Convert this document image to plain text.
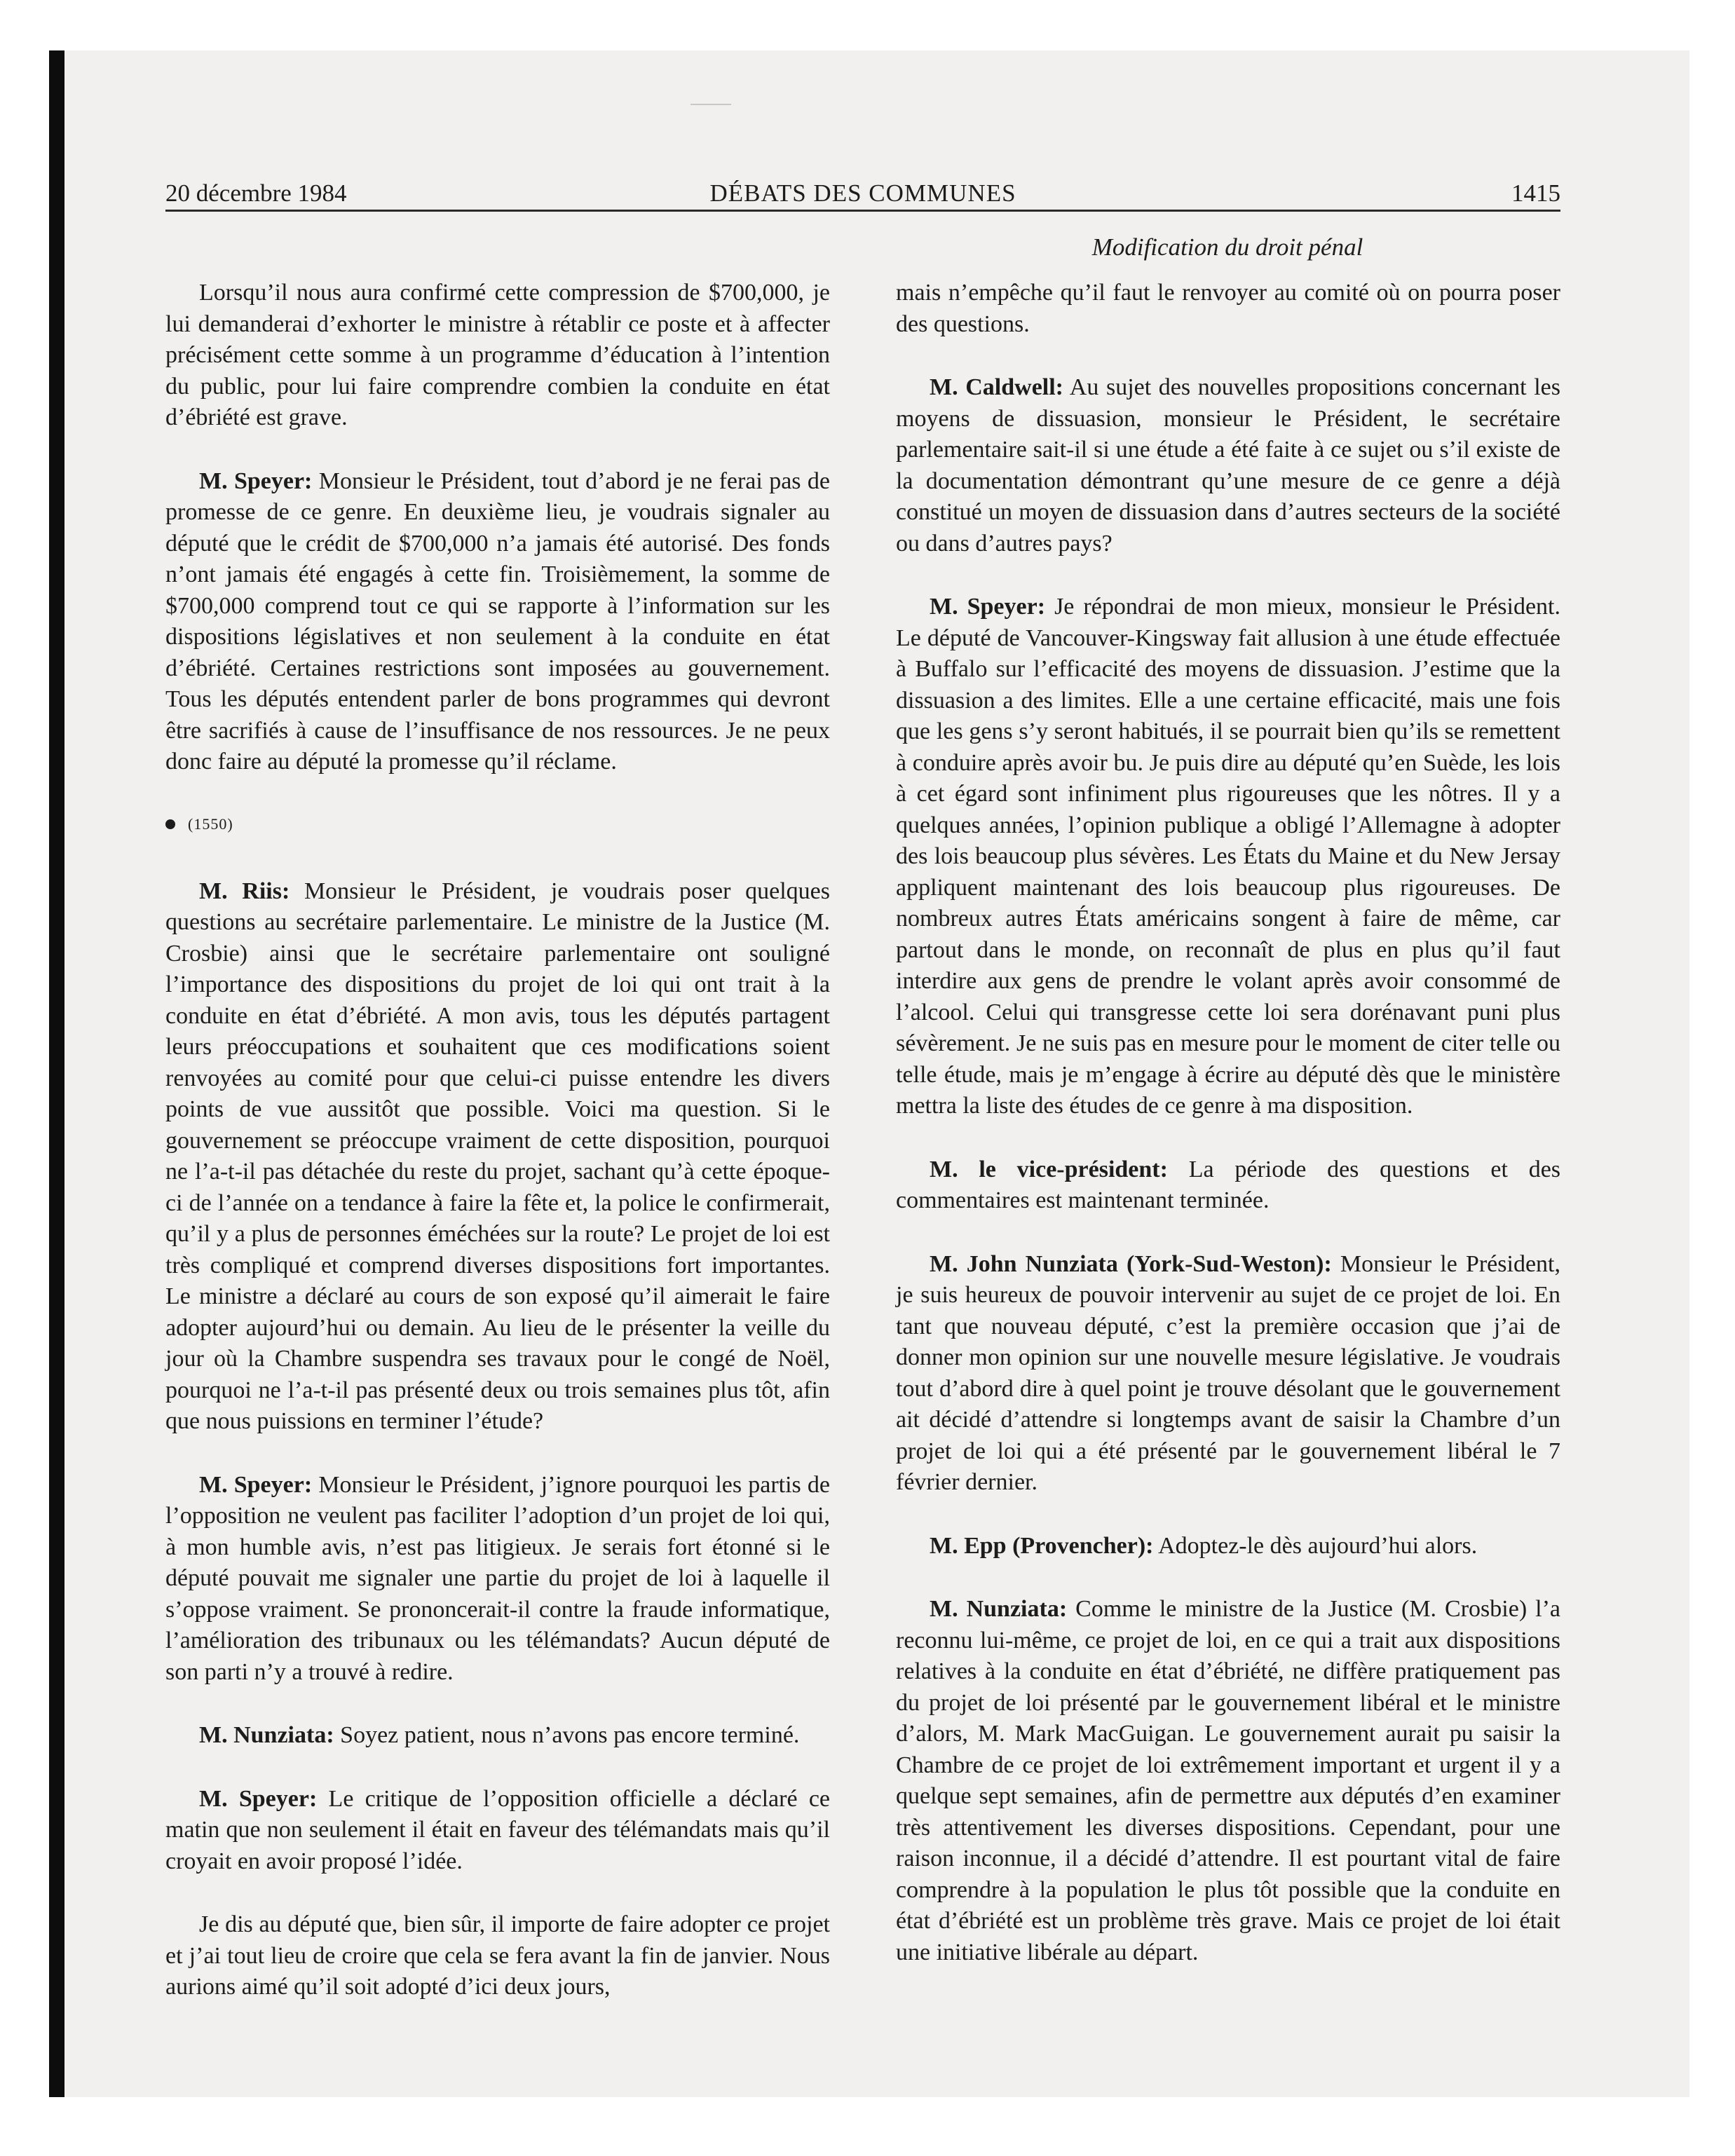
20 décembre 1984	DÉBATS DES COMMUNES	1415
Modification du droit pénal

Lorsqu’il nous aura confirmé cette compression de $700,000, je lui demanderai d’exhorter le ministre à rétablir ce poste et à affecter précisément cette somme à un programme d’éducation à l’intention du public, pour lui faire comprendre combien la conduite en état d’ébriété est grave.

M. Speyer: Monsieur le Président, tout d’abord je ne ferai pas de promesse de ce genre. En deuxième lieu, je voudrais signaler au député que le crédit de $700,000 n’a jamais été autorisé. Des fonds n’ont jamais été engagés à cette fin. Troisièmement, la somme de $700,000 comprend tout ce qui se rapporte à l’information sur les dispositions législatives et non seulement à la conduite en état d’ébriété. Certaines restrictions sont imposées au gouvernement. Tous les députés entendent parler de bons programmes qui devront être sacrifiés à cause de l’insuffisance de nos ressources. Je ne peux donc faire au député la promesse qu’il réclame.

(1550)

M. Riis: Monsieur le Président, je voudrais poser quelques questions au secrétaire parlementaire. Le ministre de la Justice (M. Crosbie) ainsi que le secrétaire parlementaire ont souligné l’importance des dispositions du projet de loi qui ont trait à la conduite en état d’ébriété. A mon avis, tous les députés partagent leurs préoccupations et souhaitent que ces modifications soient renvoyées au comité pour que celui-ci puisse entendre les divers points de vue aussitôt que possible. Voici ma question. Si le gouvernement se préoccupe vraiment de cette disposition, pourquoi ne l’a-t-il pas détachée du reste du projet, sachant qu’à cette époque-ci de l’année on a tendance à faire la fête et, la police le confirmerait, qu’il y a plus de personnes éméchées sur la route? Le projet de loi est très compliqué et comprend diverses dispositions fort importantes. Le ministre a déclaré au cours de son exposé qu’il aimerait le faire adopter aujourd’hui ou demain. Au lieu de le présenter la veille du jour où la Chambre suspendra ses travaux pour le congé de Noël, pourquoi ne l’a-t-il pas présenté deux ou trois semaines plus tôt, afin que nous puissions en terminer l’étude?

M. Speyer: Monsieur le Président, j’ignore pourquoi les partis de l’opposition ne veulent pas faciliter l’adoption d’un projet de loi qui, à mon humble avis, n’est pas litigieux. Je serais fort étonné si le député pouvait me signaler une partie du projet de loi à laquelle il s’oppose vraiment. Se prononcerait-il contre la fraude informatique, l’amélioration des tribunaux ou les télémandats? Aucun député de son parti n’y a trouvé à redire.

M. Nunziata: Soyez patient, nous n’avons pas encore terminé.

M. Speyer: Le critique de l’opposition officielle a déclaré ce matin que non seulement il était en faveur des télémandats mais qu’il croyait en avoir proposé l’idée.

Je dis au député que, bien sûr, il importe de faire adopter ce projet et j’ai tout lieu de croire que cela se fera avant la fin de janvier. Nous aurions aimé qu’il soit adopté d’ici deux jours,

mais n’empêche qu’il faut le renvoyer au comité où on pourra poser des questions.

M. Caldwell: Au sujet des nouvelles propositions concernant les moyens de dissuasion, monsieur le Président, le secrétaire parlementaire sait-il si une étude a été faite à ce sujet ou s’il existe de la documentation démontrant qu’une mesure de ce genre a déjà constitué un moyen de dissuasion dans d’autres secteurs de la société ou dans d’autres pays?

M. Speyer: Je répondrai de mon mieux, monsieur le Président. Le député de Vancouver-Kingsway fait allusion à une étude effectuée à Buffalo sur l’efficacité des moyens de dissuasion. J’estime que la dissuasion a des limites. Elle a une certaine efficacité, mais une fois que les gens s’y seront habitués, il se pourrait bien qu’ils se remettent à conduire après avoir bu. Je puis dire au député qu’en Suède, les lois à cet égard sont infiniment plus rigoureuses que les nôtres. Il y a quelques années, l’opinion publique a obligé l’Allemagne à adopter des lois beaucoup plus sévères. Les États du Maine et du New Jersay appliquent maintenant des lois beaucoup plus rigoureuses. De nombreux autres États américains songent à faire de même, car partout dans le monde, on reconnaît de plus en plus qu’il faut interdire aux gens de prendre le volant après avoir consommé de l’alcool. Celui qui transgresse cette loi sera dorénavant puni plus sévèrement. Je ne suis pas en mesure pour le moment de citer telle ou telle étude, mais je m’engage à écrire au député dès que le ministère mettra la liste des études de ce genre à ma disposition.

M. le vice-président: La période des questions et des commentaires est maintenant terminée.

M. John Nunziata (York-Sud-Weston): Monsieur le Président, je suis heureux de pouvoir intervenir au sujet de ce projet de loi. En tant que nouveau député, c’est la première occasion que j’ai de donner mon opinion sur une nouvelle mesure législative. Je voudrais tout d’abord dire à quel point je trouve désolant que le gouvernement ait décidé d’attendre si longtemps avant de saisir la Chambre d’un projet de loi qui a été présenté par le gouvernement libéral le 7 février dernier.

M. Epp (Provencher): Adoptez-le dès aujourd’hui alors.

M. Nunziata: Comme le ministre de la Justice (M. Crosbie) l’a reconnu lui-même, ce projet de loi, en ce qui a trait aux dispositions relatives à la conduite en état d’ébriété, ne diffère pratiquement pas du projet de loi présenté par le gouvernement libéral et le ministre d’alors, M. Mark MacGuigan. Le gouvernement aurait pu saisir la Chambre de ce projet de loi extrêmement important et urgent il y a quelque sept semaines, afin de permettre aux députés d’en examiner très attentivement les diverses dispositions. Cependant, pour une raison inconnue, il a décidé d’attendre. Il est pourtant vital de faire comprendre à la population le plus tôt possible que la conduite en état d’ébriété est un problème très grave. Mais ce projet de loi était une initiative libérale au départ.
